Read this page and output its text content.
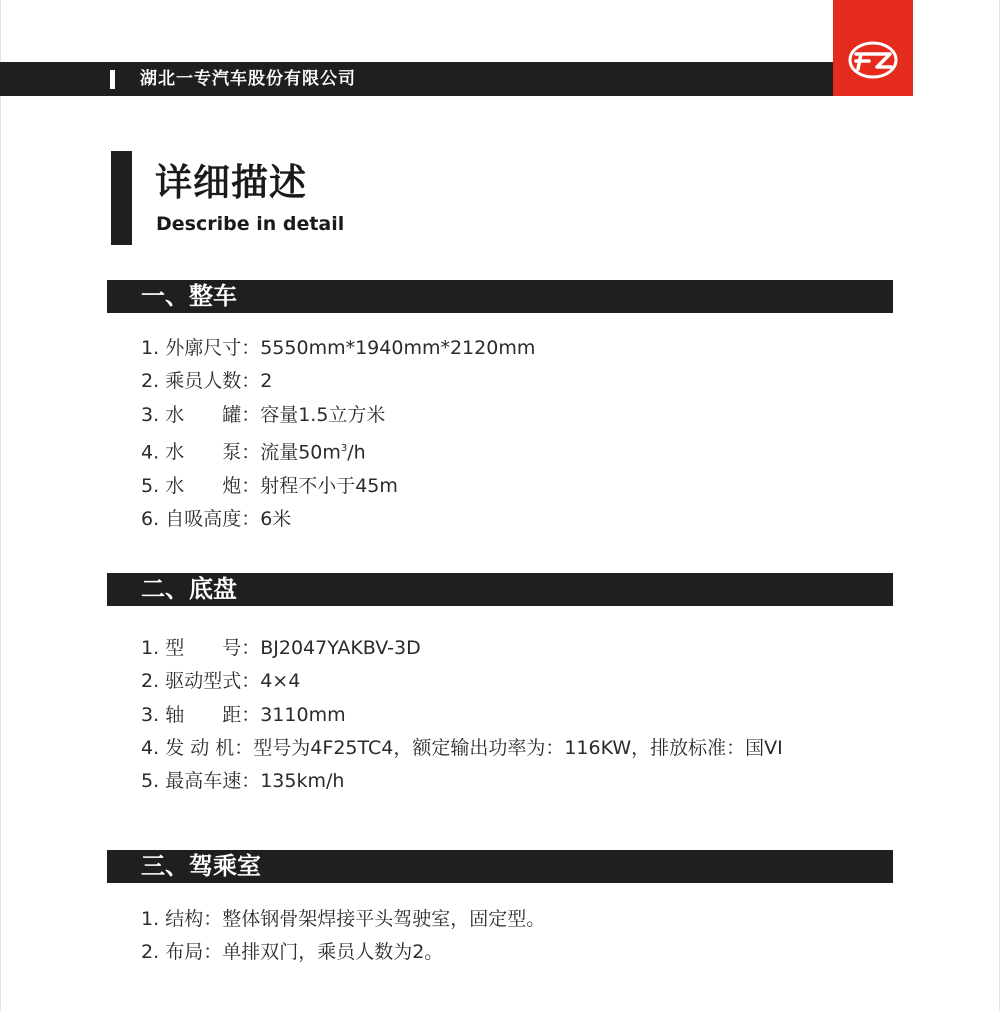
湖北一专汽车股份有限公司
详细描述
Describe in detail
一、整车
1. 外廓尺寸：5550mm*1940mm*2120mm
2. 乘员人数：2
3. 水　　罐：容量1.5立方米
4. 水　　泵：流量$50m^3/h$
5. 水　　炮：射程不小于45m
6. 自吸高度：6米
二、底盘
1. 型　　号：BJ2047YAKBV-3D
2. 驱动型式：4×4
3. 轴　　距：3110mm
4. 发 动 机：型号为4F25TC4，额定输出功率为：116KW，排放标准：国VI
5. 最高车速：135km/h
三、驾乘室
1. 结构：整体钢骨架焊接平头驾驶室，固定型。
2. 布局：单排双门，乘员人数为2。
